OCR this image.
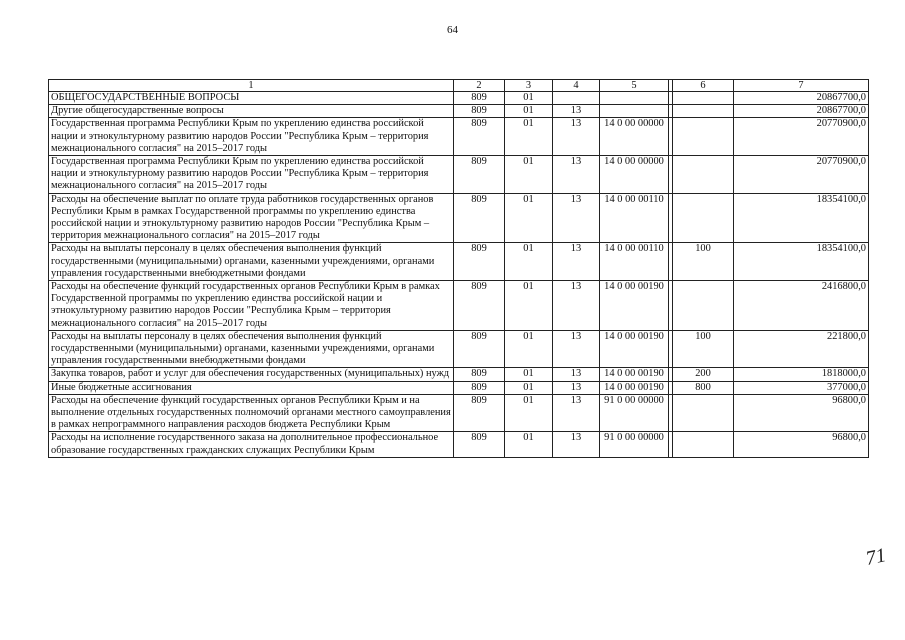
64
1	2	3	4	5		6	7
ОБЩЕГОСУДАРСТВЕННЫЕ ВОПРОСЫ	809	01					20867700,0
Другие общегосударственные вопросы	809	01	13				20867700,0
Государственная программа Республики Крым по укреплению единства российской нации и этнокультурному развитию народов России "Республика Крым – территория межнационального согласия" на 2015–2017 годы	809	01	13	14 0 00 00000			20770900,0
Государственная программа Республики Крым по укреплению единства российской нации и этнокультурному развитию народов России "Республика Крым – территория межнационального согласия" на 2015–2017 годы	809	01	13	14 0 00 00000			20770900,0
Расходы на обеспечение выплат по оплате труда работников государственных органов Республики Крым в рамках Государственной программы по укреплению единства российской нации и этнокультурному развитию народов России "Республика Крым – территория межнационального согласия" на 2015–2017 годы	809	01	13	14 0 00 00110			18354100,0
Расходы на выплаты персоналу в целях обеспечения выполнения функций государственными (муниципальными) органами, казенными учреждениями, органами управления государственными внебюджетными фондами	809	01	13	14 0 00 00110		100	18354100,0
Расходы на обеспечение функций государственных органов Республики Крым в рамках Государственной программы по укреплению единства российской нации и этнокультурному развитию народов России "Республика Крым – территория межнационального согласия" на 2015–2017 годы	809	01	13	14 0 00 00190			2416800,0
Расходы на выплаты персоналу в целях обеспечения выполнения функций государственными (муниципальными) органами, казенными учреждениями, органами управления государственными внебюджетными фондами	809	01	13	14 0 00 00190		100	221800,0
Закупка товаров, работ и услуг для обеспечения государственных (муниципальных) нужд	809	01	13	14 0 00 00190		200	1818000,0
Иные бюджетные ассигнования	809	01	13	14 0 00 00190		800	377000,0
Расходы на обеспечение функций государственных органов Республики Крым и на выполнение отдельных государственных полномочий органами местного самоуправления в рамках непрограммного направления расходов бюджета Республики Крым	809	01	13	91 0 00 00000			96800,0
Расходы на исполнение государственного заказа на дополнительное профессиональное образование государственных гражданских служащих Республики Крым	809	01	13	91 0 00 00000			96800,0
71
